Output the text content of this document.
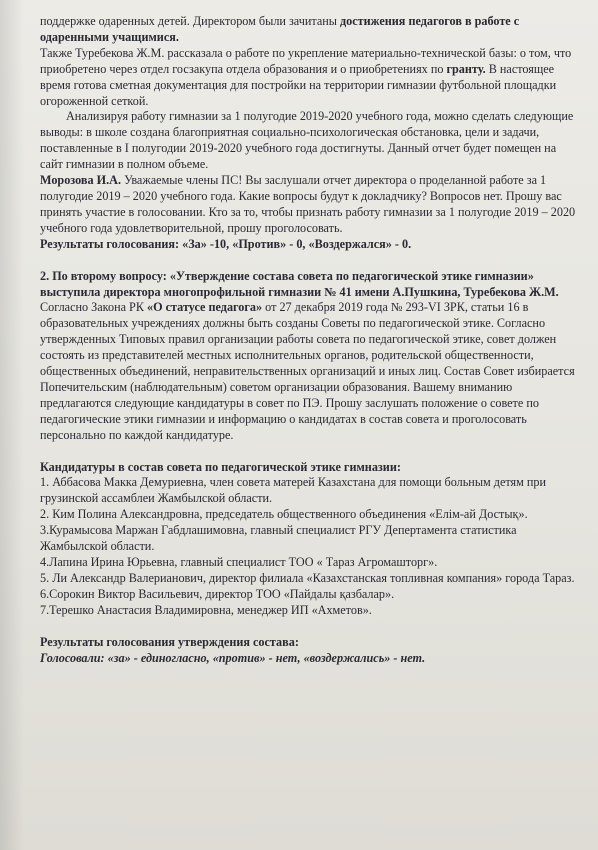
поддержке одаренных детей. Директором были зачитаны достижения педагогов в работе с одаренными учащимися.

Также Туребекова Ж.М. рассказала о работе по укрепление материально-технической базы: о том, что приобретено через отдел госзакупа отдела образования и о приобретениях по гранту. В настоящее время готова сметная документация для постройки на территории гимназии футбольной площадки огороженной сеткой.

Анализируя работу гимназии за 1 полугодие 2019-2020 учебного года, можно сделать следующие выводы: в школе создана благоприятная социально-психологическая обстановка, цели и задачи, поставленные в I полугодии 2019-2020 учебного года достигнуты. Данный отчет будет помещен на сайт гимназии в полном объеме.

Морозова И.А. Уважаемые члены ПС! Вы заслушали отчет директора о проделанной работе за 1 полугодие 2019 – 2020 учебного года. Какие вопросы будут к докладчику? Вопросов нет. Прошу вас принять участие в голосовании. Кто за то, чтобы признать работу гимназии за 1 полугодие 2019 – 2020 учебного года удовлетворительной, прошу проголосовать.

Результаты голосования: «За» -10, «Против» - 0, «Воздержался» - 0.

2. По второму вопросу: «Утверждение состава совета по педагогической этике гимназии» выступила директора многопрофильной гимназии № 41 имени А.Пушкина, Туребекова Ж.М. Согласно Закона РК «О статусе педагога» от 27 декабря 2019 года № 293-VI ЗРК, статьи 16 в образовательных учреждениях должны быть созданы Советы по педагогической этике. Согласно утвержденных Типовых правил организации работы совета по педагогической этике, совет должен состоять из представителей местных исполнительных органов, родительской общественности, общественных объединений, неправительственных организаций и иных лиц. Состав Совет избирается Попечительским (наблюдательным) советом организации образования. Вашему вниманию предлагаются следующие кандидатуры в совет по ПЭ. Прошу заслушать положение о совете по педагогические этики гимназии и информацию о кандидатах в состав совета и проголосовать персонально по каждой кандидатуре.

Кандидатуры в состав совета по педагогической этике гимназии:

1. Аббасова Макка Демуриевна, член совета матерей Казахстана для помощи больным детям при грузинской ассамблеи Жамбылской области.

2. Ким Полина Александровна, председатель общественного объединения «Елім-ай Достық».

3.Курамысова Маржан Габдлашимовна, главный специалист РГУ Депертамента статистика Жамбылской области.

4.Лапина Ирина Юрьевна, главный специалист ТОО « Тараз Агромашторг».

5. Ли Александр Валерианович, директор филиала «Казахстанская топливная компания» города Тараз.

6.Сорокин Виктор Васильевич, директор ТОО «Пайдалы қазбалар».

7.Терешко Анастасия Владимировна, менеджер ИП «Ахметов».

Результаты голосования утверждения состава:

Голосовали: «за» - единогласно, «против» - нет, «воздержались» - нет.
